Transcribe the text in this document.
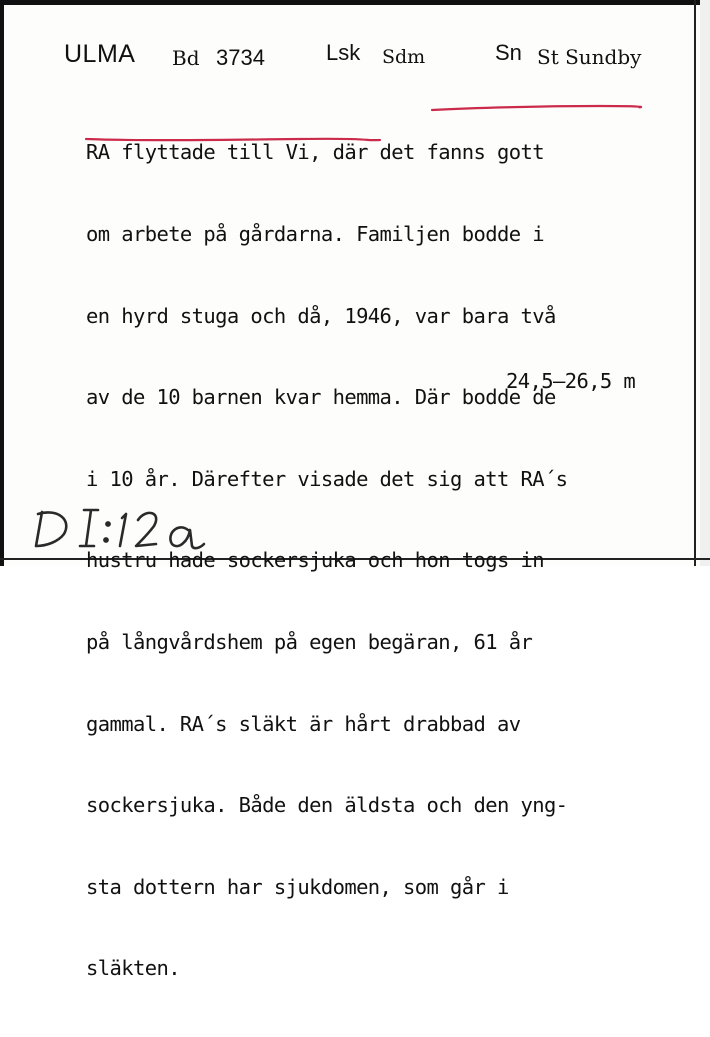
ULMA Bd 3734	Lsk Sdm	Sn St Sundby

RA flyttade till Vi, där det fanns gott

om arbete på gårdarna. Familjen bodde i

en hyrd stuga och då, 1946, var bara två

av de 10 barnen kvar hemma. Där bodde de

i 10 år. Därefter visade det sig att RA´s

hustru hade sockersjuka och hon togs in

på långvårdshem på egen begäran, 61 år

gammal. RA´s släkt är hårt drabbad av

sockersjuka. Både den äldsta och den yng-

sta dottern har sjukdomen, som går i

släkten.

24,5–26,5 m
